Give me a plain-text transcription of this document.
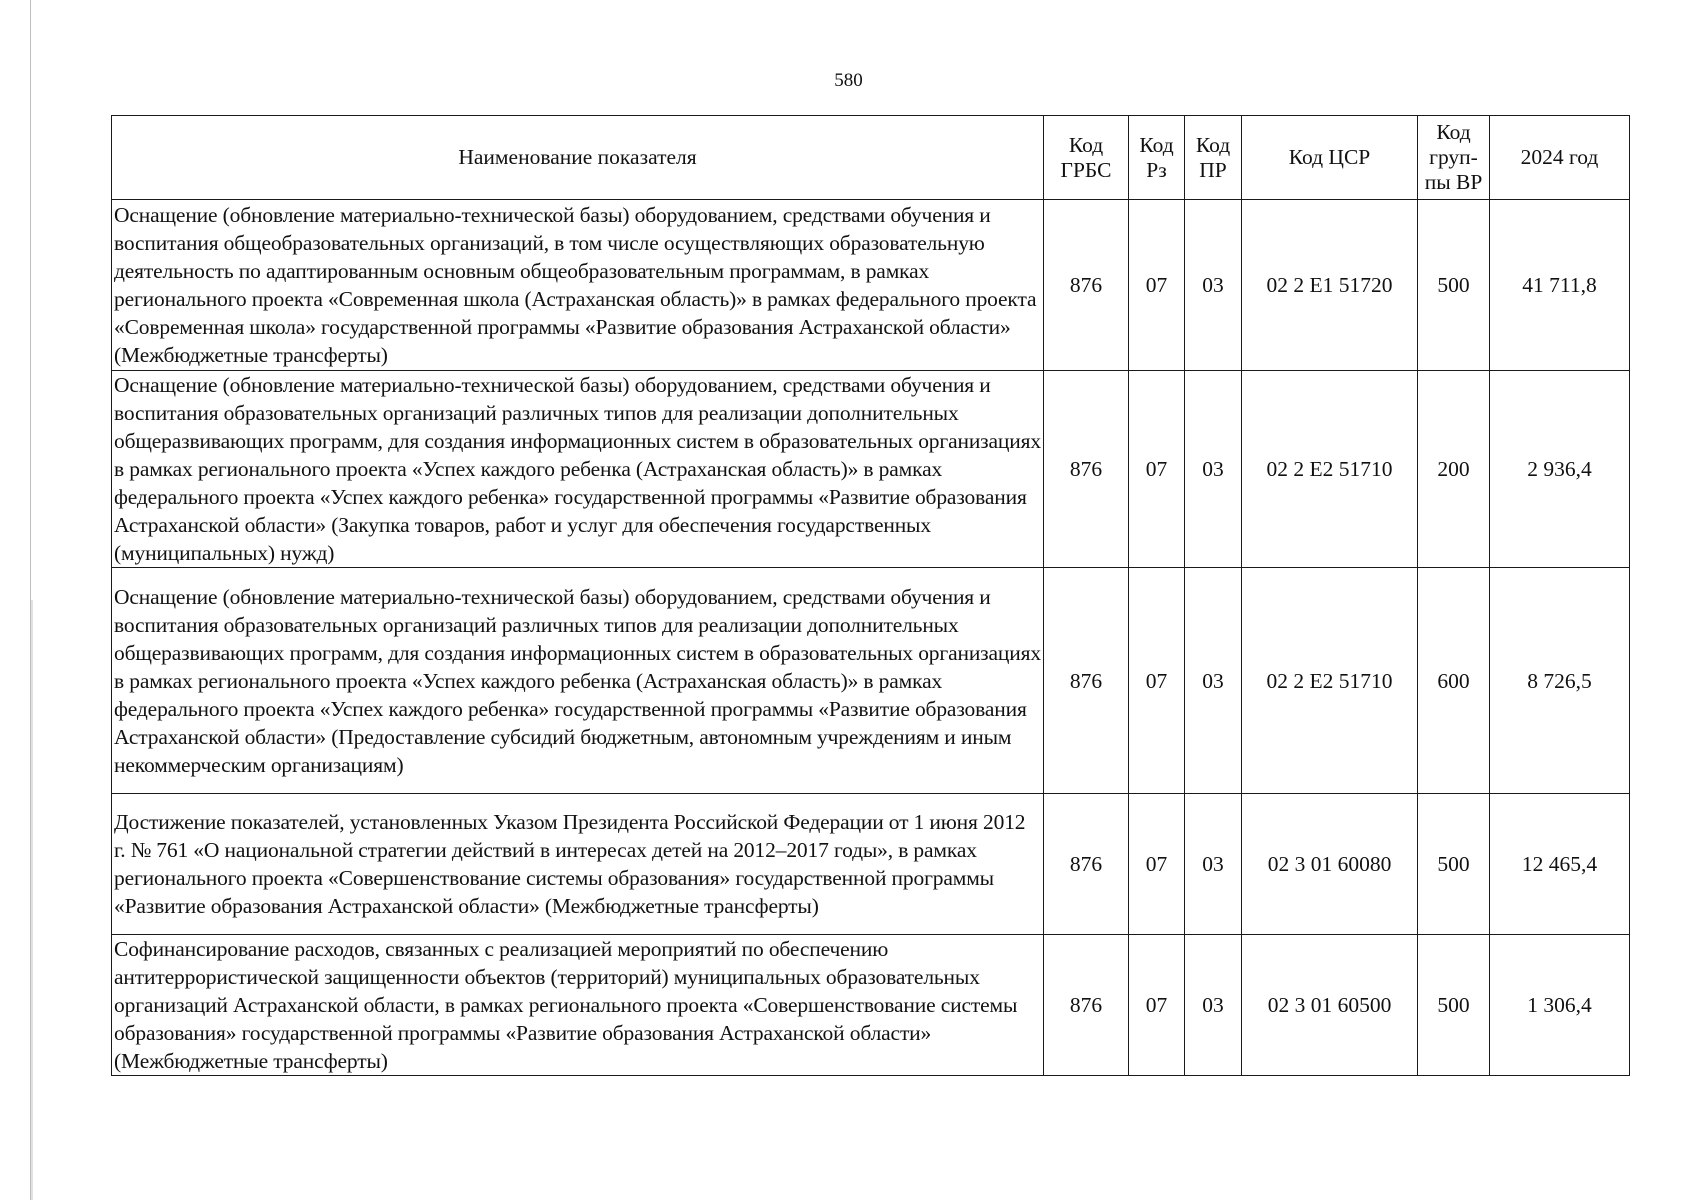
580
Наименование показателя	Код ГРБС	Код Рз	Код ПР	Код ЦСР	Код груп-пы ВР	2024 год
Оснащение (обновление материально-технической базы) оборудованием, средствами обучения и воспитания общеобразовательных организаций, в том числе осуществляющих образовательную деятельность по адаптированным основным общеобразовательным программам, в рамках регионального проекта «Современная школа (Астраханская область)» в рамках федерального проекта «Современная школа» государственной программы «Развитие образования Астраханской области» (Межбюджетные трансферты)	876	07	03	02 2 E1 51720	500	41 711,8
Оснащение (обновление материально-технической базы) оборудованием, средствами обучения и воспитания образовательных организаций различных типов для реализации дополнительных общеразвивающих программ, для создания информационных систем в образовательных организациях в рамках регионального проекта «Успех каждого ребенка (Астраханская область)» в рамках федерального проекта «Успех каждого ребенка» государственной программы «Развитие образования Астраханской области» (Закупка товаров, работ и услуг для обеспечения государственных (муниципальных) нужд)	876	07	03	02 2 E2 51710	200	2 936,4
Оснащение (обновление материально-технической базы) оборудованием, средствами обучения и воспитания образовательных организаций различных типов для реализации дополнительных общеразвивающих программ, для создания информационных систем в образовательных организациях в рамках регионального проекта «Успех каждого ребенка (Астраханская область)» в рамках федерального проекта «Успех каждого ребенка» государственной программы «Развитие образования Астраханской области» (Предоставление субсидий бюджетным, автономным учреждениям и иным некоммерческим организациям)	876	07	03	02 2 E2 51710	600	8 726,5
Достижение показателей, установленных Указом Президента Российской Федерации от 1 июня 2012 г. № 761 «О национальной стратегии действий в интересах детей на 2012–2017 годы», в рамках регионального проекта «Совершенствование системы образования» государственной программы «Развитие образования Астраханской области» (Межбюджетные трансферты)	876	07	03	02 3 01 60080	500	12 465,4
Софинансирование расходов, связанных с реализацией мероприятий по обеспечению антитеррористической защищенности объектов (территорий) муниципальных образовательных организаций Астраханской области, в рамках регионального проекта «Совершенствование системы образования» государственной программы «Развитие образования Астраханской области» (Межбюджетные трансферты)	876	07	03	02 3 01 60500	500	1 306,4
